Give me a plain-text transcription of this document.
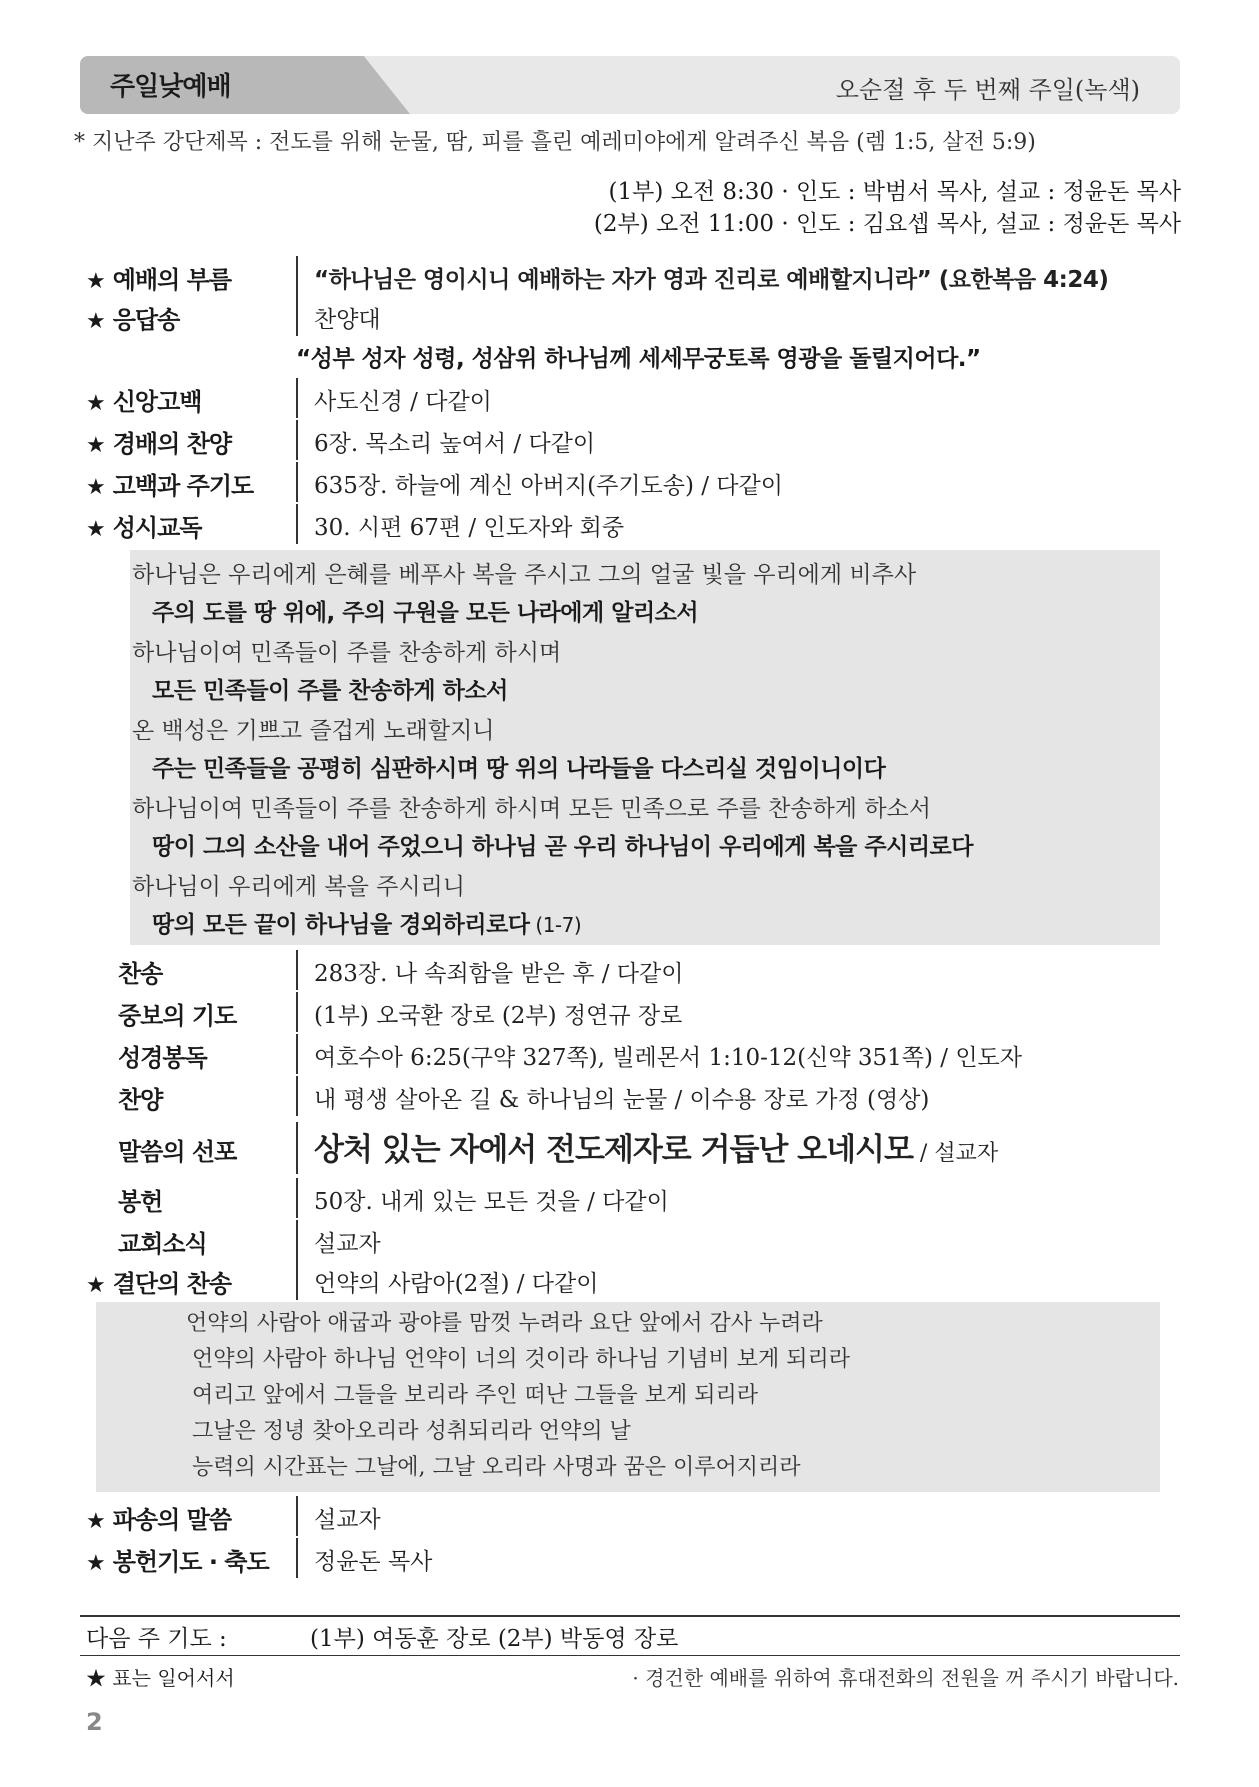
주일낮예배	오순절 후 두 번째 주일(녹색)
* 지난주 강단제목 : 전도를 위해 눈물, 땀, 피를 흘린 예레미야에게 알려주신 복음 (렘 1:5, 살전 5:9)
(1부) 오전 8:30 · 인도 : 박범서 목사, 설교 : 정윤돈 목사
(2부) 오전 11:00 · 인도 : 김요셉 목사, 설교 : 정윤돈 목사
★ 예배의 부름	“하나님은 영이시니 예배하는 자가 영과 진리로 예배할지니라” (요한복음 4:24)
★ 응답송	찬양대
“성부 성자 성령, 성삼위 하나님께 세세무궁토록 영광을 돌릴지어다.”
★ 신앙고백	사도신경 / 다같이
★ 경배의 찬양	6장. 목소리 높여서 / 다같이
★ 고백과 주기도	635장. 하늘에 계신 아버지(주기도송) / 다같이
★ 성시교독	30. 시편 67편 / 인도자와 회중
하나님은 우리에게 은혜를 베푸사 복을 주시고 그의 얼굴 빛을 우리에게 비추사
주의 도를 땅 위에, 주의 구원을 모든 나라에게 알리소서
하나님이여 민족들이 주를 찬송하게 하시며
모든 민족들이 주를 찬송하게 하소서
온 백성은 기쁘고 즐겁게 노래할지니
주는 민족들을 공평히 심판하시며 땅 위의 나라들을 다스리실 것임이니이다
하나님이여 민족들이 주를 찬송하게 하시며 모든 민족으로 주를 찬송하게 하소서
땅이 그의 소산을 내어 주었으니 하나님 곧 우리 하나님이 우리에게 복을 주시리로다
하나님이 우리에게 복을 주시리니
땅의 모든 끝이 하나님을 경외하리로다 (1-7)
찬송	283장. 나 속죄함을 받은 후 / 다같이
중보의 기도	(1부) 오국환 장로 (2부) 정연규 장로
성경봉독	여호수아 6:25(구약 327쪽), 빌레몬서 1:10-12(신약 351쪽) / 인도자
찬양	내 평생 살아온 길 & 하나님의 눈물 / 이수용 장로 가정 (영상)
말씀의 선포	상처 있는 자에서 전도제자로 거듭난 오네시모 / 설교자
봉헌	50장. 내게 있는 모든 것을 / 다같이
교회소식	설교자
★ 결단의 찬송	언약의 사람아(2절) / 다같이
언약의 사람아 애굽과 광야를 맘껏 누려라 요단 앞에서 감사 누려라
언약의 사람아 하나님 언약이 너의 것이라 하나님 기념비 보게 되리라
여리고 앞에서 그들을 보리라 주인 떠난 그들을 보게 되리라
그날은 정녕 찾아오리라 성취되리라 언약의 날
능력의 시간표는 그날에, 그날 오리라 사명과 꿈은 이루어지리라
★ 파송의 말씀	설교자
★ 봉헌기도 · 축도 정윤돈 목사
다음 주 기도 :	(1부) 여동훈 장로 (2부) 박동영 장로
★ 표는 일어서서	· 경건한 예배를 위하여 휴대전화의 전원을 꺼 주시기 바랍니다.
2
